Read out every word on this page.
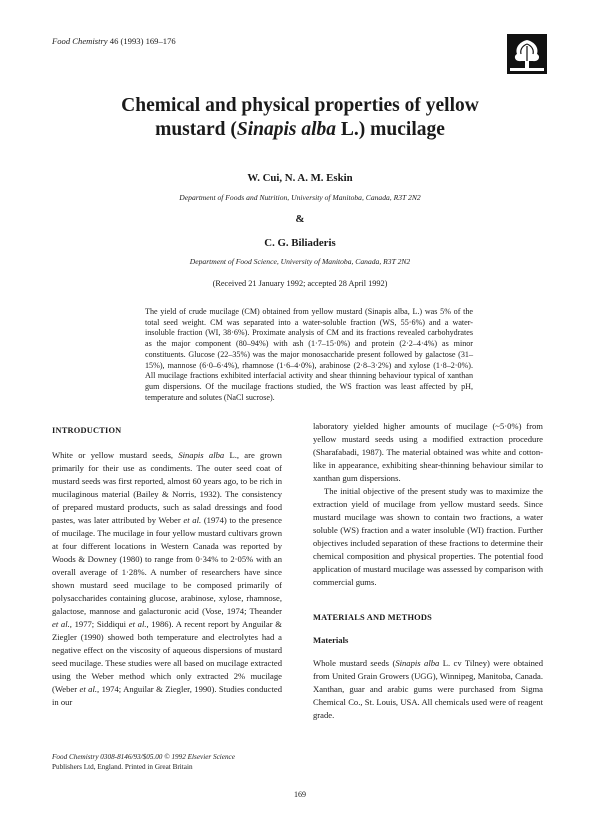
Food Chemistry 46 (1993) 169–176
Chemical and physical properties of yellow
mustard (Sinapis alba L.) mucilage
W. Cui, N. A. M. Eskin
Department of Foods and Nutrition, University of Manitoba, Canada, R3T 2N2
&
C. G. Biliaderis
Department of Food Science, University of Manitoba, Canada, R3T 2N2
(Received 21 January 1992; accepted 28 April 1992)
The yield of crude mucilage (CM) obtained from yellow mustard (Sinapis alba, L.) was 5% of the total seed weight. CM was separated into a water-soluble fraction (WS, 55·6%) and a water-insoluble fraction (WI, 38·6%). Proximate analysis of CM and its fractions revealed carbohydrates as the major component (80–94%) with ash (1·7–15·0%) and protein (2·2–4·4%) as minor constituents. Glucose (22–35%) was the major monosaccharide present followed by galactose (31–15%), mannose (6·0–6·4%), rhamnose (1·6–4·0%), arabinose (2·8–3·2%) and xylose (1·8–2·0%). All mucilage fractions exhibited interfacial activity and shear thinning behaviour typical of xanthan gum dispersions. Of the mucilage fractions studied, the WS fraction was least affected by pH, temperature and solutes (NaCl sucrose).
INTRODUCTION

White or yellow mustard seeds, Sinapis alba L., are grown primarily for their use as condiments. The outer seed coat of mustard seeds was first reported, almost 60 years ago, to be rich in mucilaginous material (Bailey & Norris, 1932). The consistency of prepared mustard products, such as salad dressings and food pastes, was later attributed by Weber et al. (1974) to the presence of mucilage. The mucilage in four yellow mustard cultivars grown at four different locations in Western Canada was reported by Woods & Downey (1980) to range from 0·34% to 2·05% with an overall average of 1·28%. A number of researchers have since shown mustard seed mucilage to be composed primarily of polysaccharides containing glucose, arabinose, xylose, rhamnose, galactose, mannose and galacturonic acid (Vose, 1974; Theander et al., 1977; Siddiqui et al., 1986). A recent report by Anguilar & Ziegler (1990) showed both temperature and electrolytes had a negative effect on the viscosity of aqueous dispersions of mustard seed mucilage. These studies were all based on mucilage extracted using the Weber method which only extracted 2% mucilage (Weber et al., 1974; Anguilar & Ziegler, 1990). Studies conducted in our

Food Chemistry 0308-8146/93/$05.00 © 1992 Elsevier Science
Publishers Ltd, England. Printed in Great Britain

laboratory yielded higher amounts of mucilage (~5·0%) from yellow mustard seeds using a modified extraction procedure (Sharafabadi, 1987). The material obtained was white and cotton-like in appearance, exhibiting shear-thinning behaviour similar to xanthan gum dispersions.

The initial objective of the present study was to maximize the extraction yield of mucilage from yellow mustard seeds. Since mustard mucilage was shown to contain two fractions, a water soluble (WS) fraction and a water insoluble (WI) fraction. Further objectives included separation of these fractions to determine their chemical composition and physical properties. The potential food application of mustard mucilage was assessed by comparison with commercial gums.

MATERIALS AND METHODS
Materials

Whole mustard seeds (Sinapis alba L. cv Tilney) were obtained from United Grain Growers (UGG), Winnipeg, Manitoba, Canada. Xanthan, guar and arabic gums were purchased from Sigma Chemical Co., St. Louis, USA. All chemicals used were of reagent grade.

169
